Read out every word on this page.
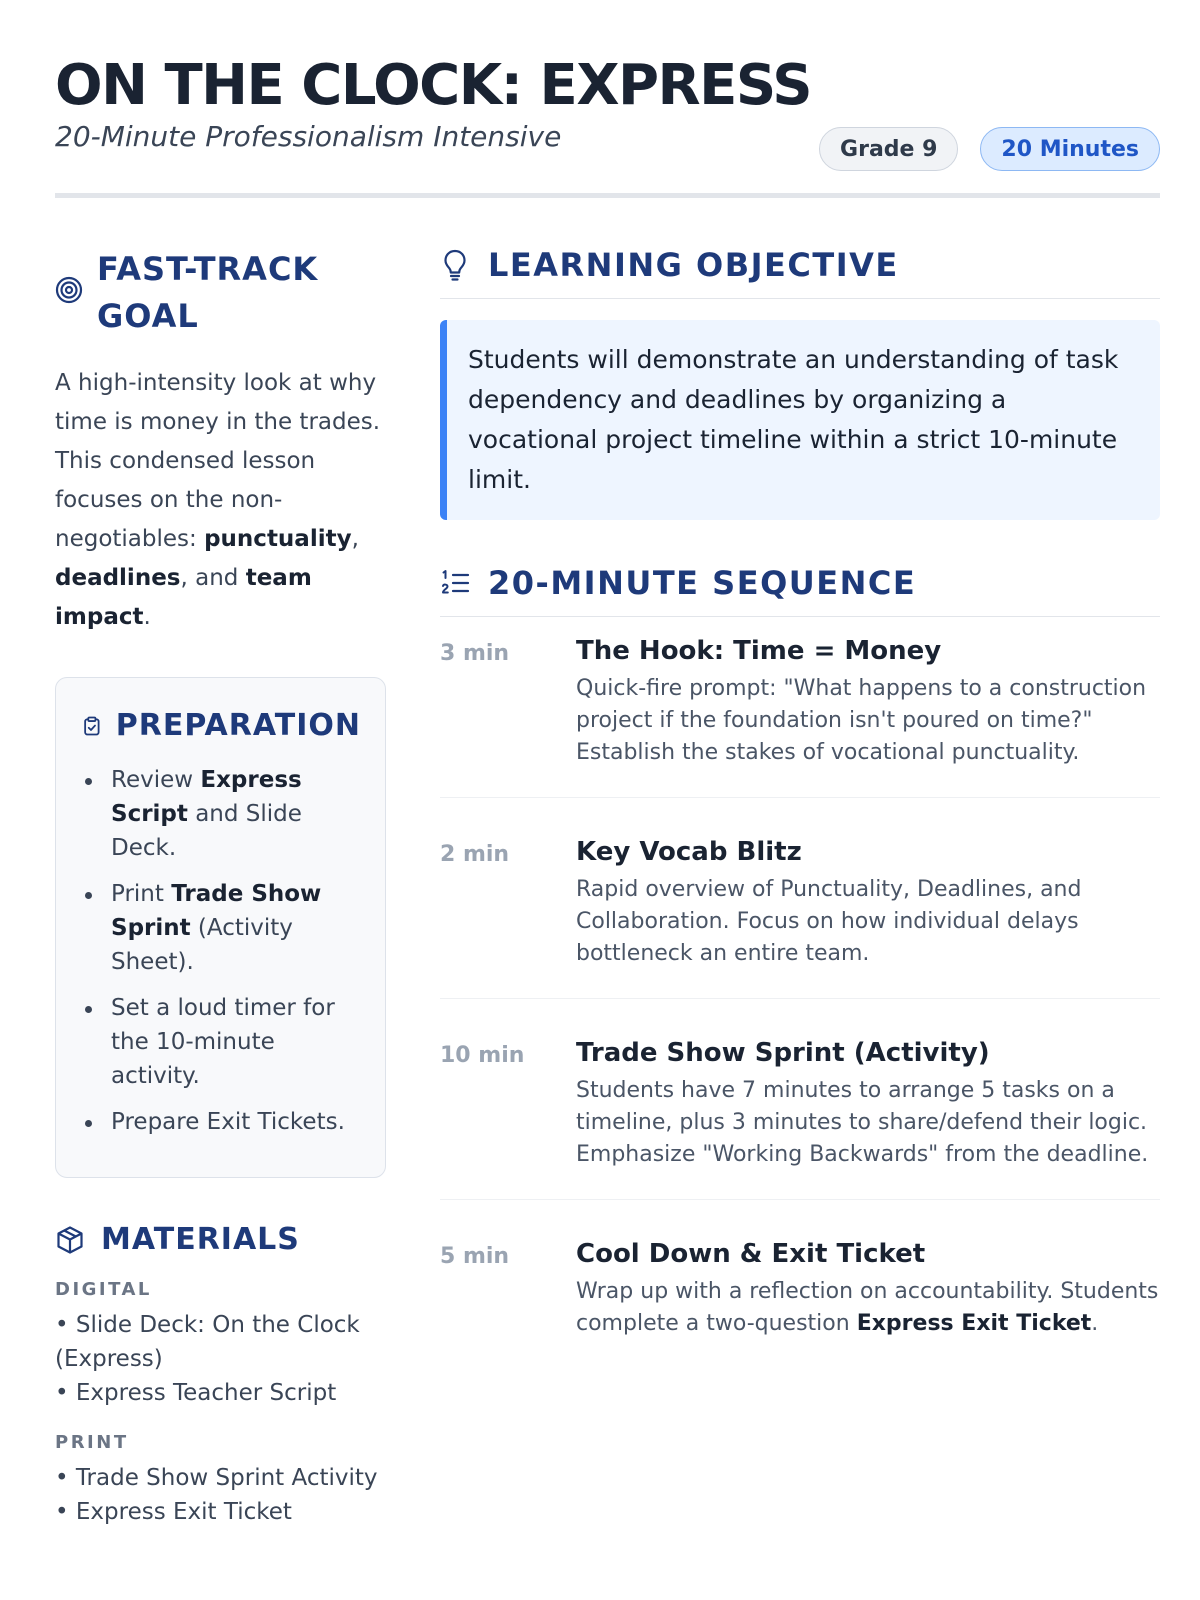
ON THE CLOCK: EXPRESS
20-Minute Professionalism Intensive	Grade 9	20 Minutes
FAST-TRACK
GOAL

A high-intensity look at why time is money in the trades. This condensed lesson focuses on the non-negotiables: punctuality, deadlines, and team impact.

PREPARATION
Review Express Script and Slide Deck.
Print Trade Show Sprint (Activity Sheet).
Set a loud timer for the 10-minute activity.
Prepare Exit Tickets.
MATERIALS
DIGITAL
• Slide Deck: On the Clock (Express)
• Express Teacher Script
PRINT
• Trade Show Sprint Activity
• Express Exit Ticket
LEARNING OBJECTIVE
Students will demonstrate an understanding of task dependency and deadlines by organizing a vocational project timeline within a strict 10-minute limit.
20-MINUTE SEQUENCE
3 min	The Hook: Time = Money
Quick-fire prompt: "What happens to a construction project if the foundation isn't poured on time?" Establish the stakes of vocational punctuality.
2 min	Key Vocab Blitz
Rapid overview of Punctuality, Deadlines, and Collaboration. Focus on how individual delays bottleneck an entire team.
10 min	Trade Show Sprint (Activity)
Students have 7 minutes to arrange 5 tasks on a timeline, plus 3 minutes to share/defend their logic. Emphasize "Working Backwards" from the deadline.
5 min	Cool Down & Exit Ticket
Wrap up with a reflection on accountability. Students complete a two-question Express Exit Ticket.
